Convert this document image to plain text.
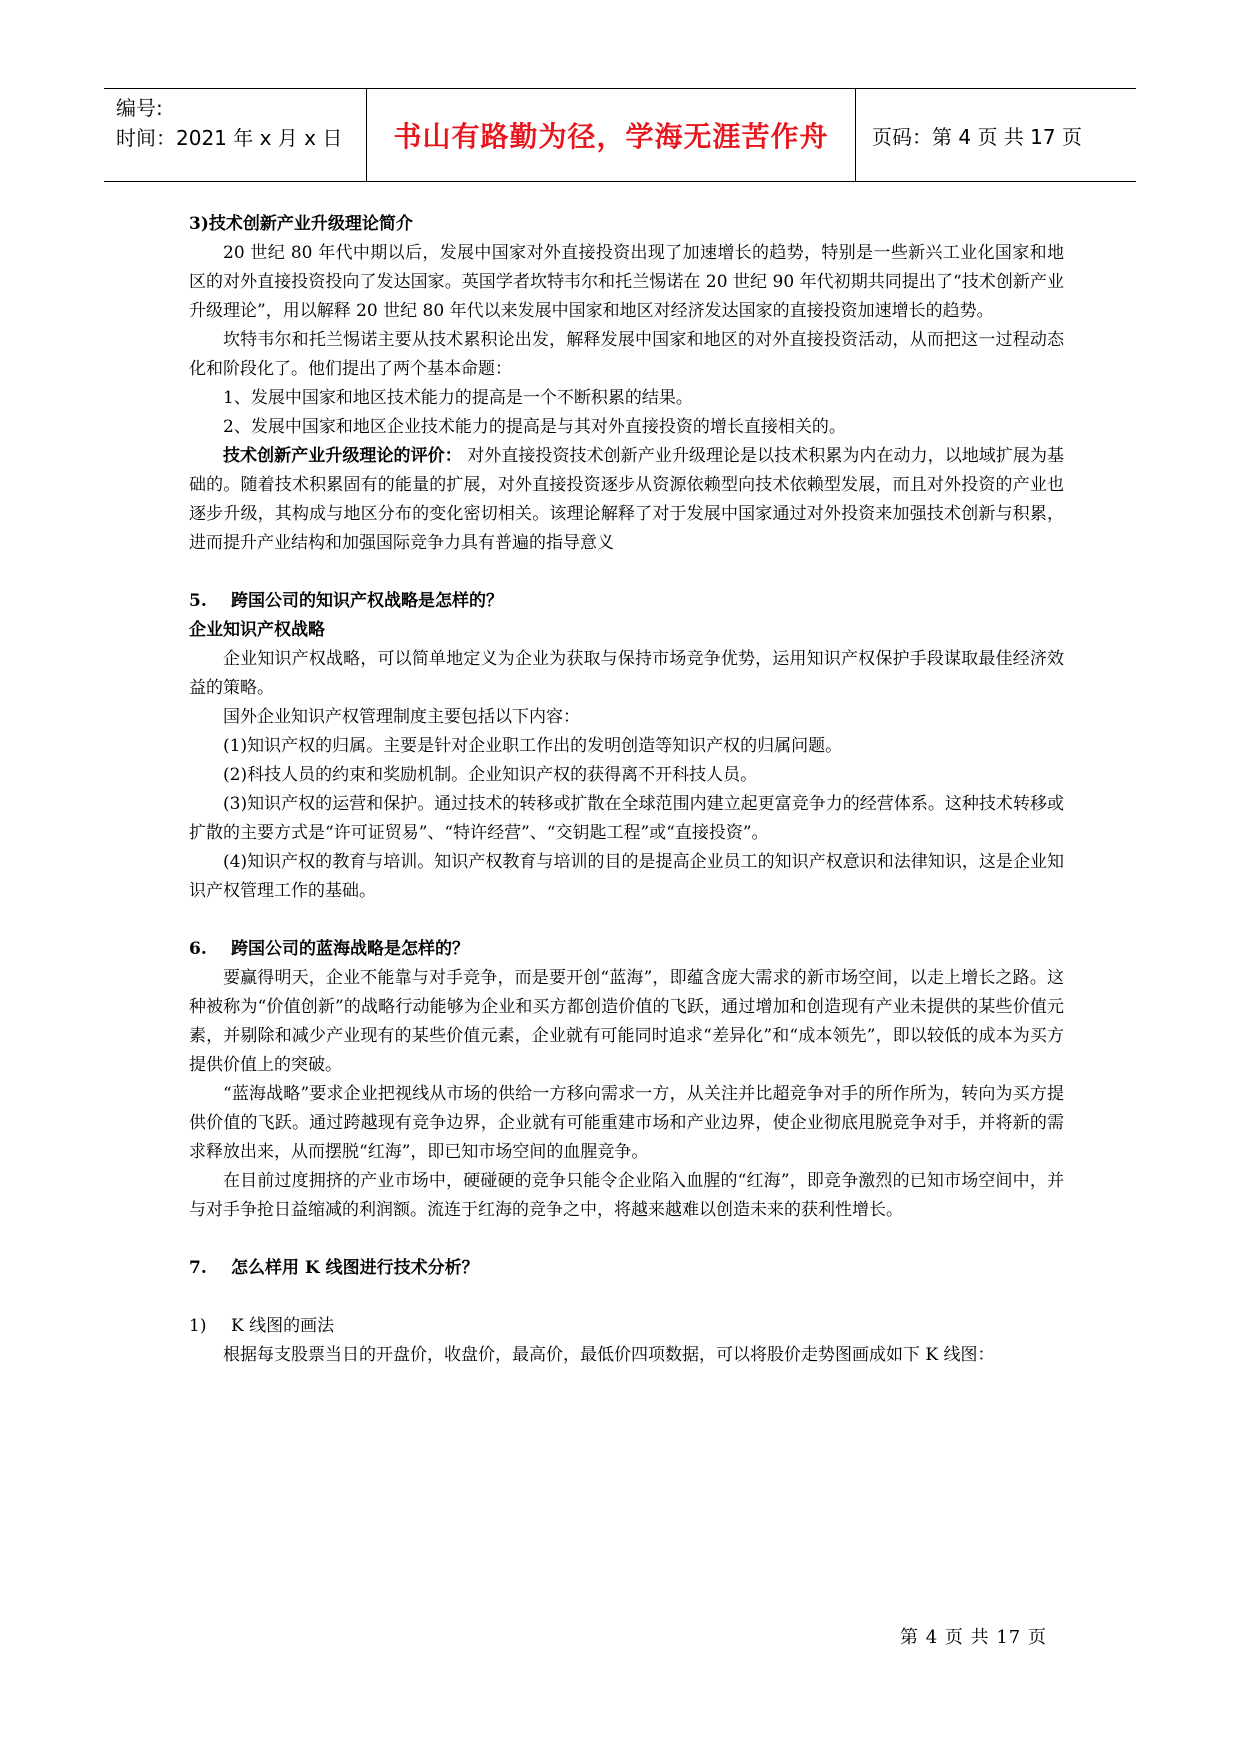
编号:
时间：2021 年 x 月 x 日	书山有路勤为径，学海无涯苦作舟	页码：第 4 页 共 17 页

3)技术创新产业升级理论简介

20 世纪 80 年代中期以后，发展中国家对外直接投资出现了加速增长的趋势，特别是一些新兴工业化国家和地区的对外直接投资投向了发达国家。英国学者坎特韦尔和托兰惕诺在 20 世纪 90 年代初期共同提出了“技术创新产业升级理论”，用以解释 20 世纪 80 年代以来发展中国家和地区对经济发达国家的直接投资加速增长的趋势。

坎特韦尔和托兰惕诺主要从技术累积论出发，解释发展中国家和地区的对外直接投资活动，从而把这一过程动态化和阶段化了。他们提出了两个基本命题：

1、发展中国家和地区技术能力的提高是一个不断积累的结果。

2、发展中国家和地区企业技术能力的提高是与其对外直接投资的增长直接相关的。

技术创新产业升级理论的评价： 对外直接投资技术创新产业升级理论是以技术积累为内在动力，以地域扩展为基础的。随着技术积累固有的能量的扩展，对外直接投资逐步从资源依赖型向技术依赖型发展，而且对外投资的产业也逐步升级，其构成与地区分布的变化密切相关。该理论解释了对于发展中国家通过对外投资来加强技术创新与积累，进而提升产业结构和加强国际竞争力具有普遍的指导意义

5. 跨国公司的知识产权战略是怎样的？

企业知识产权战略

企业知识产权战略，可以简单地定义为企业为获取与保持市场竞争优势，运用知识产权保护手段谋取最佳经济效益的策略。

国外企业知识产权管理制度主要包括以下内容：

(1)知识产权的归属。主要是针对企业职工作出的发明创造等知识产权的归属问题。

(2)科技人员的约束和奖励机制。企业知识产权的获得离不开科技人员。

(3)知识产权的运营和保护。通过技术的转移或扩散在全球范围内建立起更富竞争力的经营体系。这种技术转移或扩散的主要方式是“许可证贸易”、“特许经营”、“交钥匙工程”或“直接投资”。

(4)知识产权的教育与培训。知识产权教育与培训的目的是提高企业员工的知识产权意识和法律知识，这是企业知识产权管理工作的基础。

6. 跨国公司的蓝海战略是怎样的？

要赢得明天，企业不能靠与对手竞争，而是要开创“蓝海”，即蕴含庞大需求的新市场空间，以走上增长之路。这种被称为“价值创新”的战略行动能够为企业和买方都创造价值的飞跃，通过增加和创造现有产业未提供的某些价值元素，并剔除和减少产业现有的某些价值元素，企业就有可能同时追求“差异化”和“成本领先”，即以较低的成本为买方提供价值上的突破。

“蓝海战略”要求企业把视线从市场的供给一方移向需求一方，从关注并比超竞争对手的所作所为，转向为买方提供价值的飞跃。通过跨越现有竞争边界，企业就有可能重建市场和产业边界，使企业彻底甩脱竞争对手，并将新的需求释放出来，从而摆脱“红海”，即已知市场空间的血腥竞争。

在目前过度拥挤的产业市场中，硬碰硬的竞争只能令企业陷入血腥的“红海”，即竞争激烈的已知市场空间中，并与对手争抢日益缩减的利润额。流连于红海的竞争之中，将越来越难以创造未来的获利性增长。

7. 怎么样用 K 线图进行技术分析？

1) K 线图的画法

根据每支股票当日的开盘价，收盘价，最高价，最低价四项数据，可以将股价走势图画成如下 K 线图：

第 4 页 共 17 页
